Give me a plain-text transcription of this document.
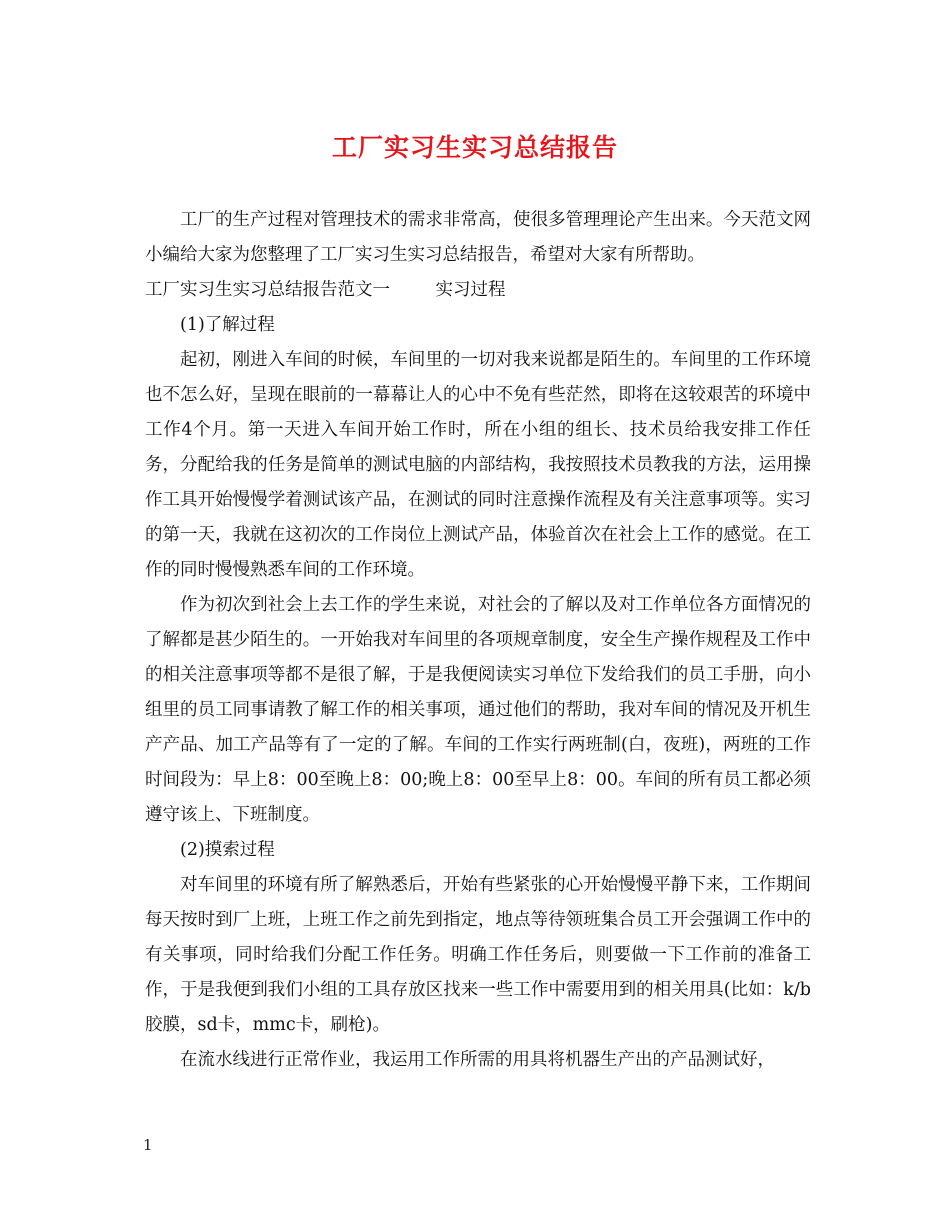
工厂实习生实习总结报告

工厂的生产过程对管理技术的需求非常高，使很多管理理论产生出来。今天范文网小编给大家为您整理了工厂实习生实习总结报告，希望对大家有所帮助。

工厂实习生实习总结报告范文一	实习过程

(1)了解过程

起初，刚进入车间的时候，车间里的一切对我来说都是陌生的。车间里的工作环境也不怎么好，呈现在眼前的一幕幕让人的心中不免有些茫然，即将在这较艰苦的环境中工作4个月。第一天进入车间开始工作时，所在小组的组长、技术员给我安排工作任务，分配给我的任务是简单的测试电脑的内部结构，我按照技术员教我的方法，运用操作工具开始慢慢学着测试该产品，在测试的同时注意操作流程及有关注意事项等。实习的第一天，我就在这初次的工作岗位上测试产品，体验首次在社会上工作的感觉。在工作的同时慢慢熟悉车间的工作环境。

作为初次到社会上去工作的学生来说，对社会的了解以及对工作单位各方面情况的了解都是甚少陌生的。一开始我对车间里的各项规章制度，安全生产操作规程及工作中的相关注意事项等都不是很了解，于是我便阅读实习单位下发给我们的员工手册，向小组里的员工同事请教了解工作的相关事项，通过他们的帮助，我对车间的情况及开机生产产品、加工产品等有了一定的了解。车间的工作实行两班制(白，夜班)，两班的工作时间段为：早上8：00至晚上8：00;晚上8：00至早上8：00。车间的所有员工都必须遵守该上、下班制度。

(2)摸索过程

对车间里的环境有所了解熟悉后，开始有些紧张的心开始慢慢平静下来，工作期间每天按时到厂上班，上班工作之前先到指定，地点等待领班集合员工开会强调工作中的有关事项，同时给我们分配工作任务。明确工作任务后，则要做一下工作前的准备工作，于是我便到我们小组的工具存放区找来一些工作中需要用到的相关用具(比如：k/b胶膜，sd卡，mmc卡，刷枪)。

在流水线进行正常作业，我运用工作所需的用具将机器生产出的产品测试好，

1
